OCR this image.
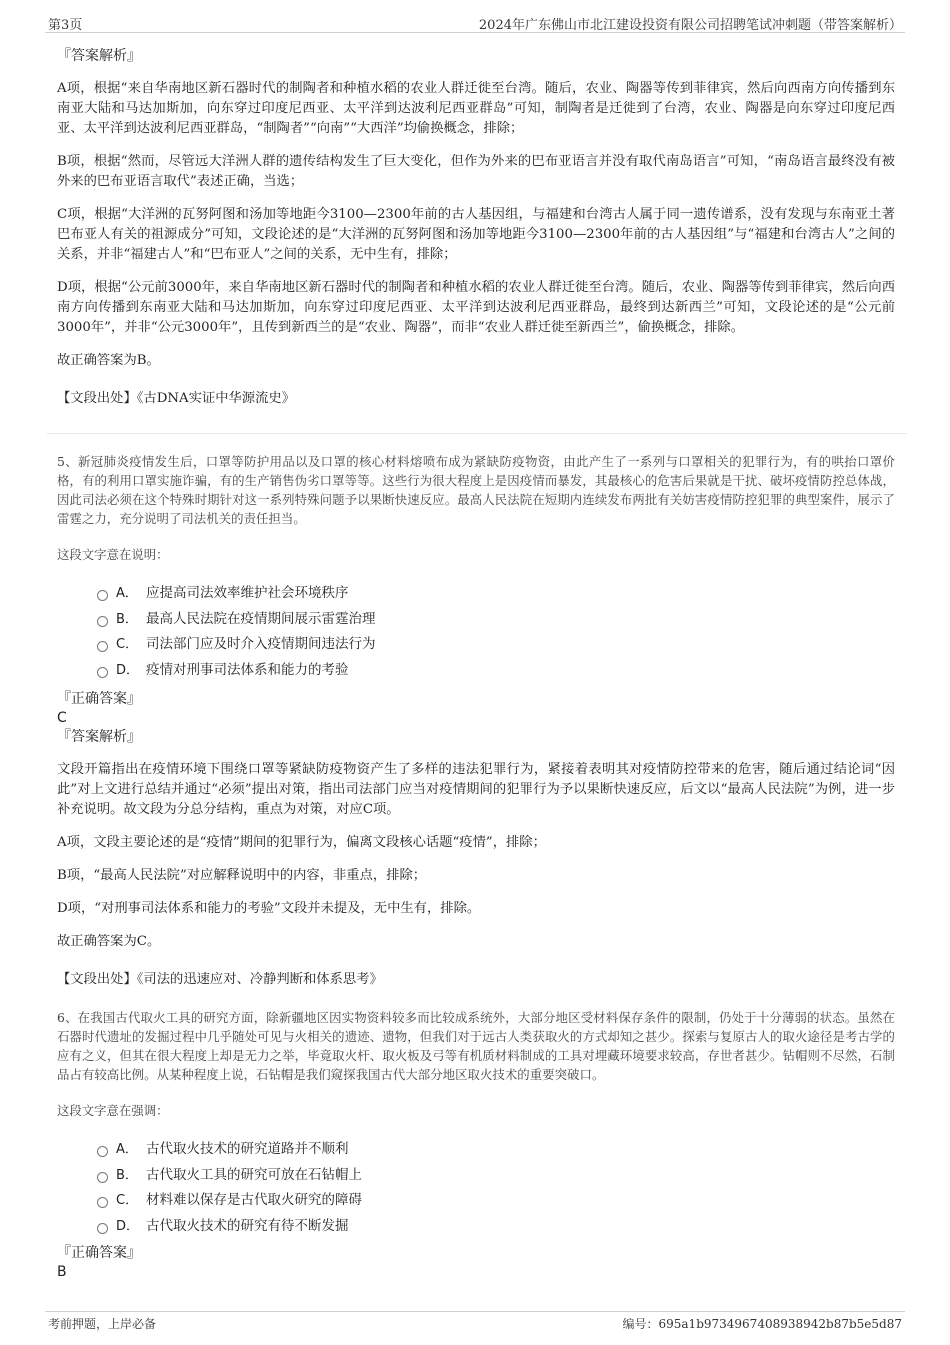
第3页	2024年广东佛山市北江建设投资有限公司招聘笔试冲刺题（带答案解析）

『答案解析』

A项，根据“来自华南地区新石器时代的制陶者和种植水稻的农业人群迁徙至台湾。随后，农业、陶器等传到菲律宾，然后向西南方向传播到东南亚大陆和马达加斯加，向东穿过印度尼西亚、太平洋到达波利尼西亚群岛”可知，制陶者是迁徙到了台湾，农业、陶器是向东穿过印度尼西亚、太平洋到达波利尼西亚群岛，“制陶者”“向南”“大西洋”均偷换概念，排除；

B项，根据“然而，尽管远大洋洲人群的遗传结构发生了巨大变化，但作为外来的巴布亚语言并没有取代南岛语言”可知，“南岛语言最终没有被外来的巴布亚语言取代”表述正确，当选；

C项，根据“大洋洲的瓦努阿图和汤加等地距今3100—2300年前的古人基因组，与福建和台湾古人属于同一遗传谱系，没有发现与东南亚土著巴布亚人有关的祖源成分”可知，文段论述的是“大洋洲的瓦努阿图和汤加等地距今3100—2300年前的古人基因组”与“福建和台湾古人”之间的关系，并非“福建古人”和“巴布亚人”之间的关系，无中生有，排除；

D项，根据“公元前3000年，来自华南地区新石器时代的制陶者和种植水稻的农业人群迁徙至台湾。随后，农业、陶器等传到菲律宾，然后向西南方向传播到东南亚大陆和马达加斯加，向东穿过印度尼西亚、太平洋到达波利尼西亚群岛，最终到达新西兰”可知，文段论述的是“公元前3000年”，并非“公元3000年”，且传到新西兰的是“农业、陶器”，而非“农业人群迁徙至新西兰”，偷换概念，排除。

故正确答案为B。

【文段出处】《古DNA实证中华源流史》

5、新冠肺炎疫情发生后，口罩等防护用品以及口罩的核心材料熔喷布成为紧缺防疫物资，由此产生了一系列与口罩相关的犯罪行为，有的哄抬口罩价格，有的利用口罩实施诈骗，有的生产销售伪劣口罩等等。这些行为很大程度上是因疫情而暴发，其最核心的危害后果就是干扰、破坏疫情防控总体战，因此司法必须在这个特殊时期针对这一系列特殊问题予以果断快速反应。最高人民法院在短期内连续发布两批有关妨害疫情防控犯罪的典型案件，展示了雷霆之力，充分说明了司法机关的责任担当。

这段文字意在说明：

A． 应提高司法效率维护社会环境秩序
B． 最高人民法院在疫情期间展示雷霆治理
C． 司法部门应及时介入疫情期间违法行为
D． 疫情对刑事司法体系和能力的考验

『正确答案』

C

『答案解析』

文段开篇指出在疫情环境下围绕口罩等紧缺防疫物资产生了多样的违法犯罪行为，紧接着表明其对疫情防控带来的危害，随后通过结论词“因此”对上文进行总结并通过“必须”提出对策，指出司法部门应当对疫情期间的犯罪行为予以果断快速反应，后文以“最高人民法院”为例，进一步补充说明。故文段为分总分结构，重点为对策，对应C项。

A项，文段主要论述的是“疫情”期间的犯罪行为，偏离文段核心话题“疫情”，排除；

B项，“最高人民法院”对应解释说明中的内容，非重点，排除；

D项，“对刑事司法体系和能力的考验”文段并未提及，无中生有，排除。

故正确答案为C。

【文段出处】《司法的迅速应对、冷静判断和体系思考》

6、在我国古代取火工具的研究方面，除新疆地区因实物资料较多而比较成系统外，大部分地区受材料保存条件的限制，仍处于十分薄弱的状态。虽然在石器时代遗址的发掘过程中几乎随处可见与火相关的遗迹、遗物，但我们对于远古人类获取火的方式却知之甚少。探索与复原古人的取火途径是考古学的应有之义，但其在很大程度上却是无力之举，毕竟取火杆、取火板及弓等有机质材料制成的工具对埋藏环境要求较高，存世者甚少。钻帽则不尽然，石制品占有较高比例。从某种程度上说，石钻帽是我们窥探我国古代大部分地区取火技术的重要突破口。

这段文字意在强调：

A． 古代取火技术的研究道路并不顺利
B． 古代取火工具的研究可放在石钻帽上
C． 材料难以保存是古代取火研究的障碍
D． 古代取火技术的研究有待不断发掘

『正确答案』

B

考前押题，上岸必备	编号：695a1b9734967408938942b87b5e5d87
